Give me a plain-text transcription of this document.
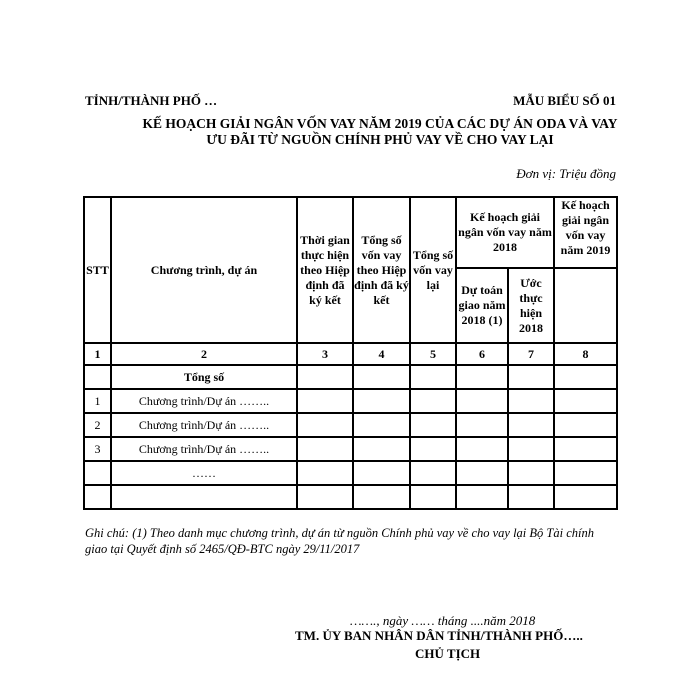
TỈNH/THÀNH PHỐ …	MẪU BIỂU SỐ 01
KẾ HOẠCH GIẢI NGÂN VỐN VAY NĂM 2019 CỦA CÁC DỰ ÁN ODA VÀ VAY
ƯU ĐÃI TỪ NGUỒN CHÍNH PHỦ VAY VỀ CHO VAY LẠI
Đơn vị: Triệu đồng
STT	Chương trình, dự án	Thời gian thực hiện theo Hiệp định đã ký kết	Tổng số vốn vay theo Hiệp định đã ký kết	Tổng số vốn vay lại	Kế hoạch giải ngân vốn vay năm 2018		Kế hoạch giải ngân vốn vay năm 2019
					Dự toán giao năm 2018 (1)	Ước thực hiện 2018	
1	2	3	4	5	6	7	8
	Tổng số						
1	Chương trình/Dự án ……..						
2	Chương trình/Dự án ……..						
3	Chương trình/Dự án ……..						
	……						

Ghi chú: (1) Theo danh mục chương trình, dự án từ nguồn Chính phủ vay về cho vay lại Bộ Tài chính giao tại Quyết định số 2465/QĐ-BTC ngày 29/11/2017
……., ngày …… tháng ....năm 2018
TM. ỦY BAN NHÂN DÂN TỈNH/THÀNH PHỐ…..
CHỦ TỊCH
